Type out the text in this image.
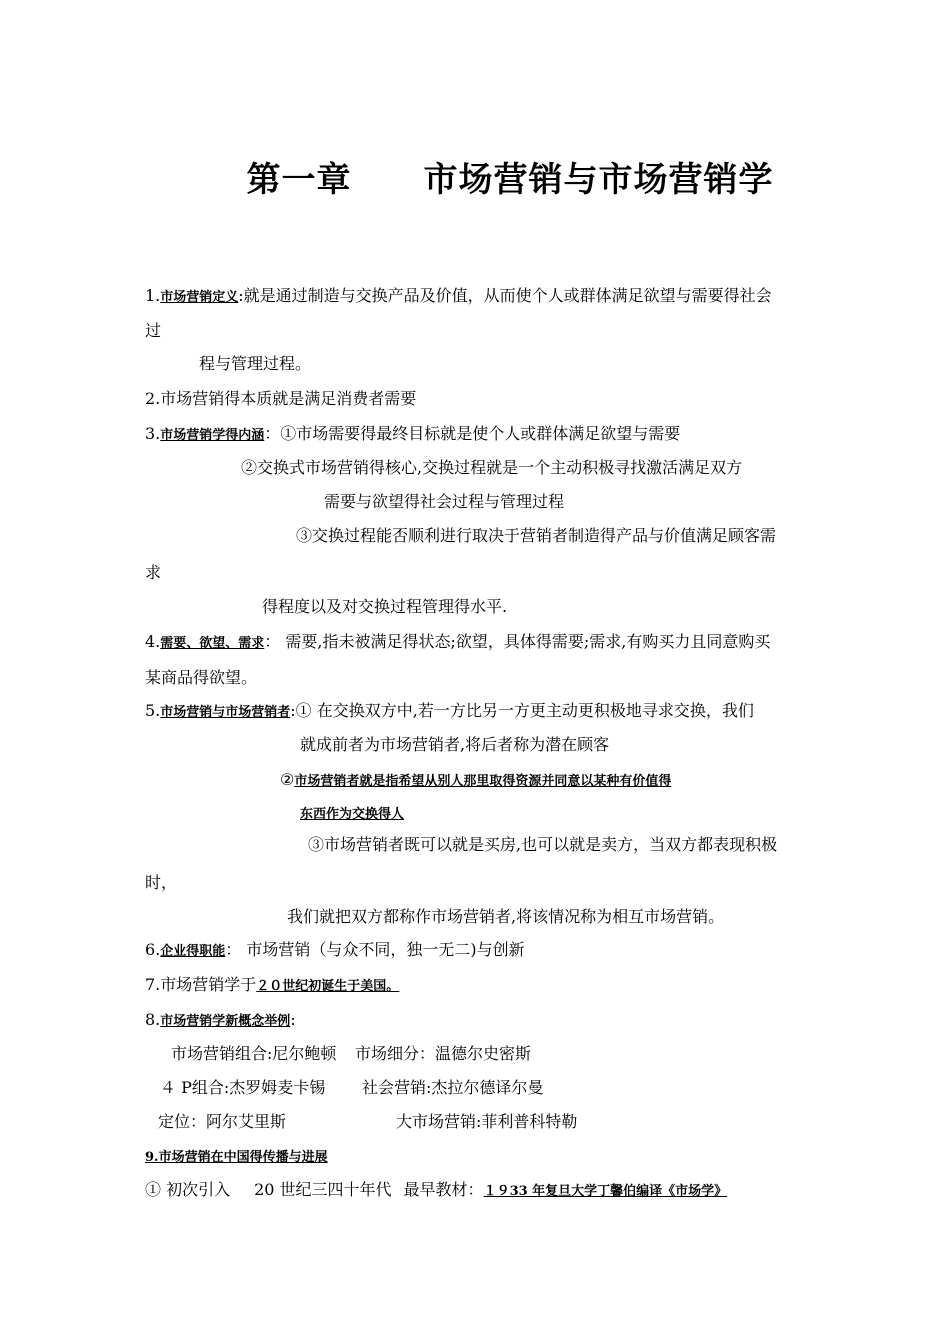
第一章 市场营销与市场营销学
1.市场营销定义:就是通过制造与交换产品及价值，从而使个人或群体满足欲望与需要得社会
过
程与管理过程。
2.市场营销得本质就是满足消费者需要
3.市场营销学得内涵：①市场需要得最终目标就是使个人或群体满足欲望与需要
②交换式市场营销得核心,交换过程就是一个主动积极寻找激活满足双方
需要与欲望得社会过程与管理过程
③交换过程能否顺利进行取决于营销者制造得产品与价值满足顾客需
求
得程度以及对交换过程管理得水平.
4.需要、欲望、需求： 需要,指未被满足得状态;欲望，具体得需要;需求,有购买力且同意购买
某商品得欲望。
5.市场营销与市场营销者:① 在交换双方中,若一方比另一方更主动更积极地寻求交换，我们
就成前者为市场营销者,将后者称为潜在顾客
②市场营销者就是指希望从别人那里取得资源并同意以某种有价值得
东西作为交换得人
③市场营销者既可以就是买房,也可以就是卖方，当双方都表现积极
时，
我们就把双方都称作市场营销者,将该情况称为相互市场营销。
6.企业得职能： 市场营销（与众不同，独一无二)与创新
7.市场营销学于２０世纪初诞生于美国。
8.市场营销学新概念举例:
市场营销组合:尼尔鲍顿 市场细分：温德尔史密斯
４ P组合:杰罗姆麦卡锡 社会营销:杰拉尔德译尔曼
定位：阿尔艾里斯	大市场营销:菲利普科特勒
9.市场营销在中国得传播与进展
① 初次引入 20 世纪三四十年代 最早教材：１９33 年复旦大学丁馨伯编译《市场学》
